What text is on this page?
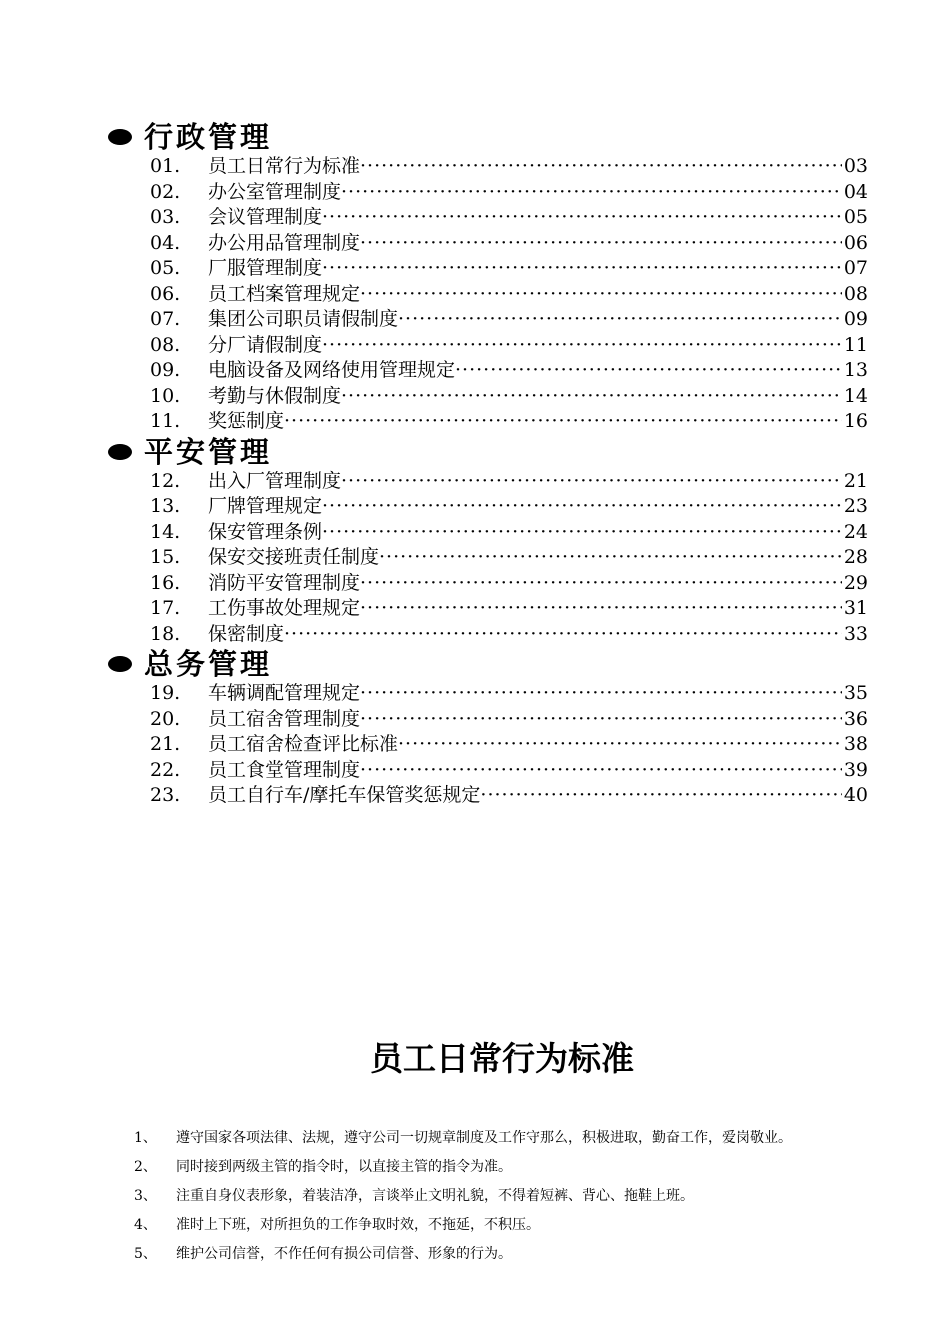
行政管理
01.	员工日常行为标准 ·····	03
02.	办公室管理制度 ·····	04
03.	会议管理制度 ·····	05
04.	办公用品管理制度 ·····	06
05.	厂服管理制度 ·····	07
06.	员工档案管理规定 ·····	08
07.	集团公司职员请假制度 ·····	09
08.	分厂请假制度 ·····	11
09.	电脑设备及网络使用管理规定 ·····	13
10.	考勤与休假制度 ·····	14
11.	奖惩制度 ·····	16
平安管理
12.	出入厂管理制度 ·····	21
13.	厂牌管理规定 ·····	23
14.	保安管理条例 ·····	24
15.	保安交接班责任制度 ·····	28
16.	消防平安管理制度 ·····	29
17.	工伤事故处理规定 ·····	31
18.	保密制度 ·····	33
总务管理
19.	车辆调配管理规定 ·····	35
20.	员工宿舍管理制度 ·····	36
21.	员工宿舍检查评比标准 ·····	38
22.	员工食堂管理制度 ·····	39
23.	员工自行车/摩托车保管奖惩规定 ·····	40
员工日常行为标准
1、	遵守国家各项法律、法规，遵守公司一切规章制度及工作守那么，积极进取，勤奋工作，爱岗敬业。
2、	同时接到两级主管的指令时，以直接主管的指令为准。
3、	注重自身仪表形象，着装洁净，言谈举止文明礼貌，不得着短裤、背心、拖鞋上班。
4、	准时上下班，对所担负的工作争取时效，不拖延，不积压。
5、	维护公司信誉，不作任何有损公司信誉、形象的行为。
